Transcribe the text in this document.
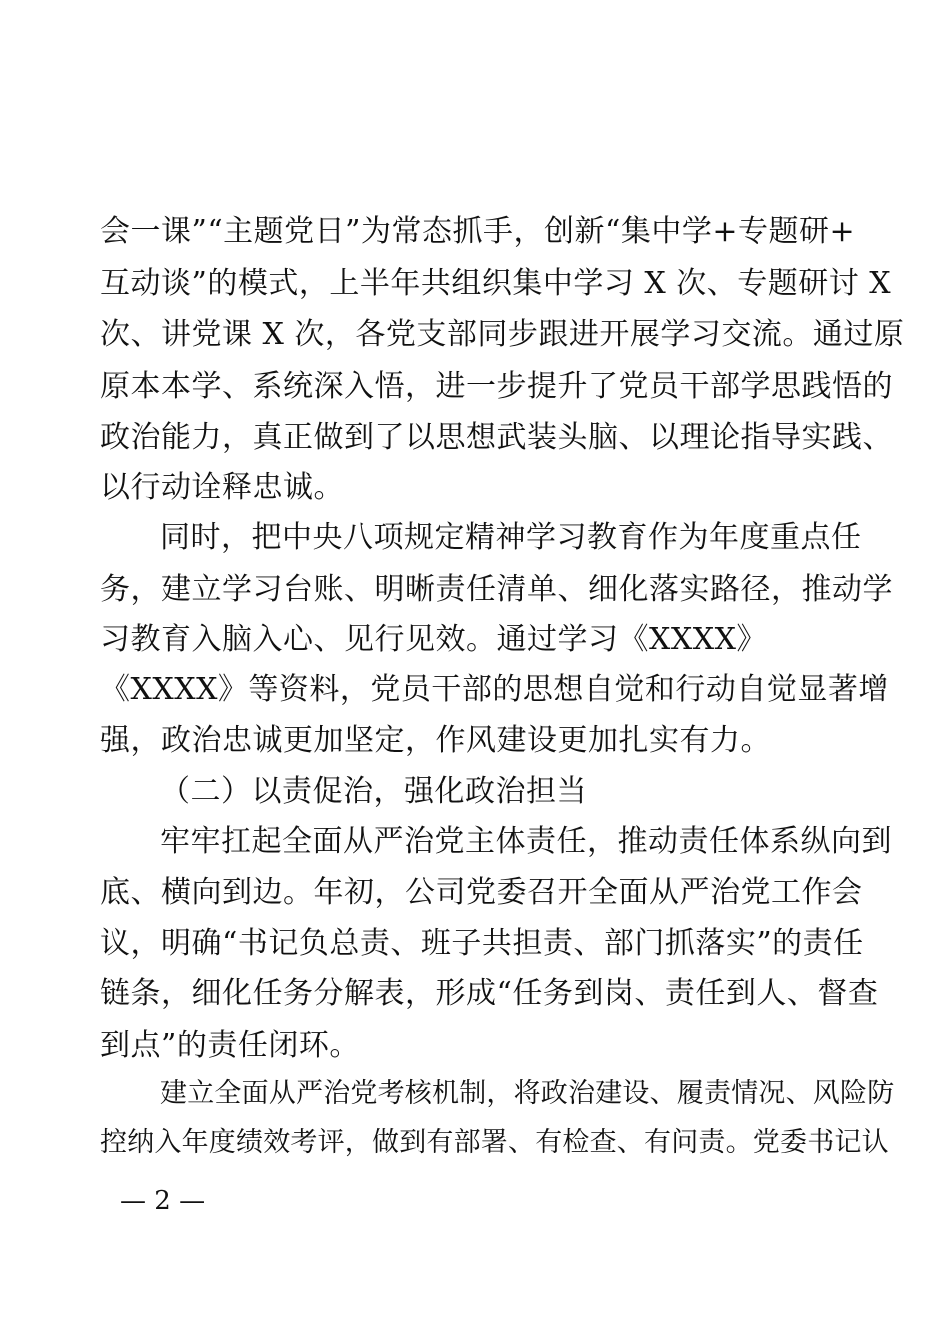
会一课”“主题党日”为常态抓手，创新“集中学+专题研+
互动谈”的模式，上半年共组织集中学习 X 次、专题研讨 X
次、讲党课 X 次，各党支部同步跟进开展学习交流。通过原
原本本学、系统深入悟，进一步提升了党员干部学思践悟的
政治能力，真正做到了以思想武装头脑、以理论指导实践、
以行动诠释忠诚。
同时，把中央八项规定精神学习教育作为年度重点任
务，建立学习台账、明晰责任清单、细化落实路径，推动学
习教育入脑入心、见行见效。通过学习《XXXX》
《XXXX》等资料，党员干部的思想自觉和行动自觉显著增
强，政治忠诚更加坚定，作风建设更加扎实有力。
（二）以责促治，强化政治担当
牢牢扛起全面从严治党主体责任，推动责任体系纵向到
底、横向到边。年初，公司党委召开全面从严治党工作会
议，明确“书记负总责、班子共担责、部门抓落实”的责任
链条，细化任务分解表，形成“任务到岗、责任到人、督查
到点”的责任闭环。
建立全面从严治党考核机制，将政治建设、履责情况、风险防
控纳入年度绩效考评，做到有部署、有检查、有问责。党委书记认
— 2 —
